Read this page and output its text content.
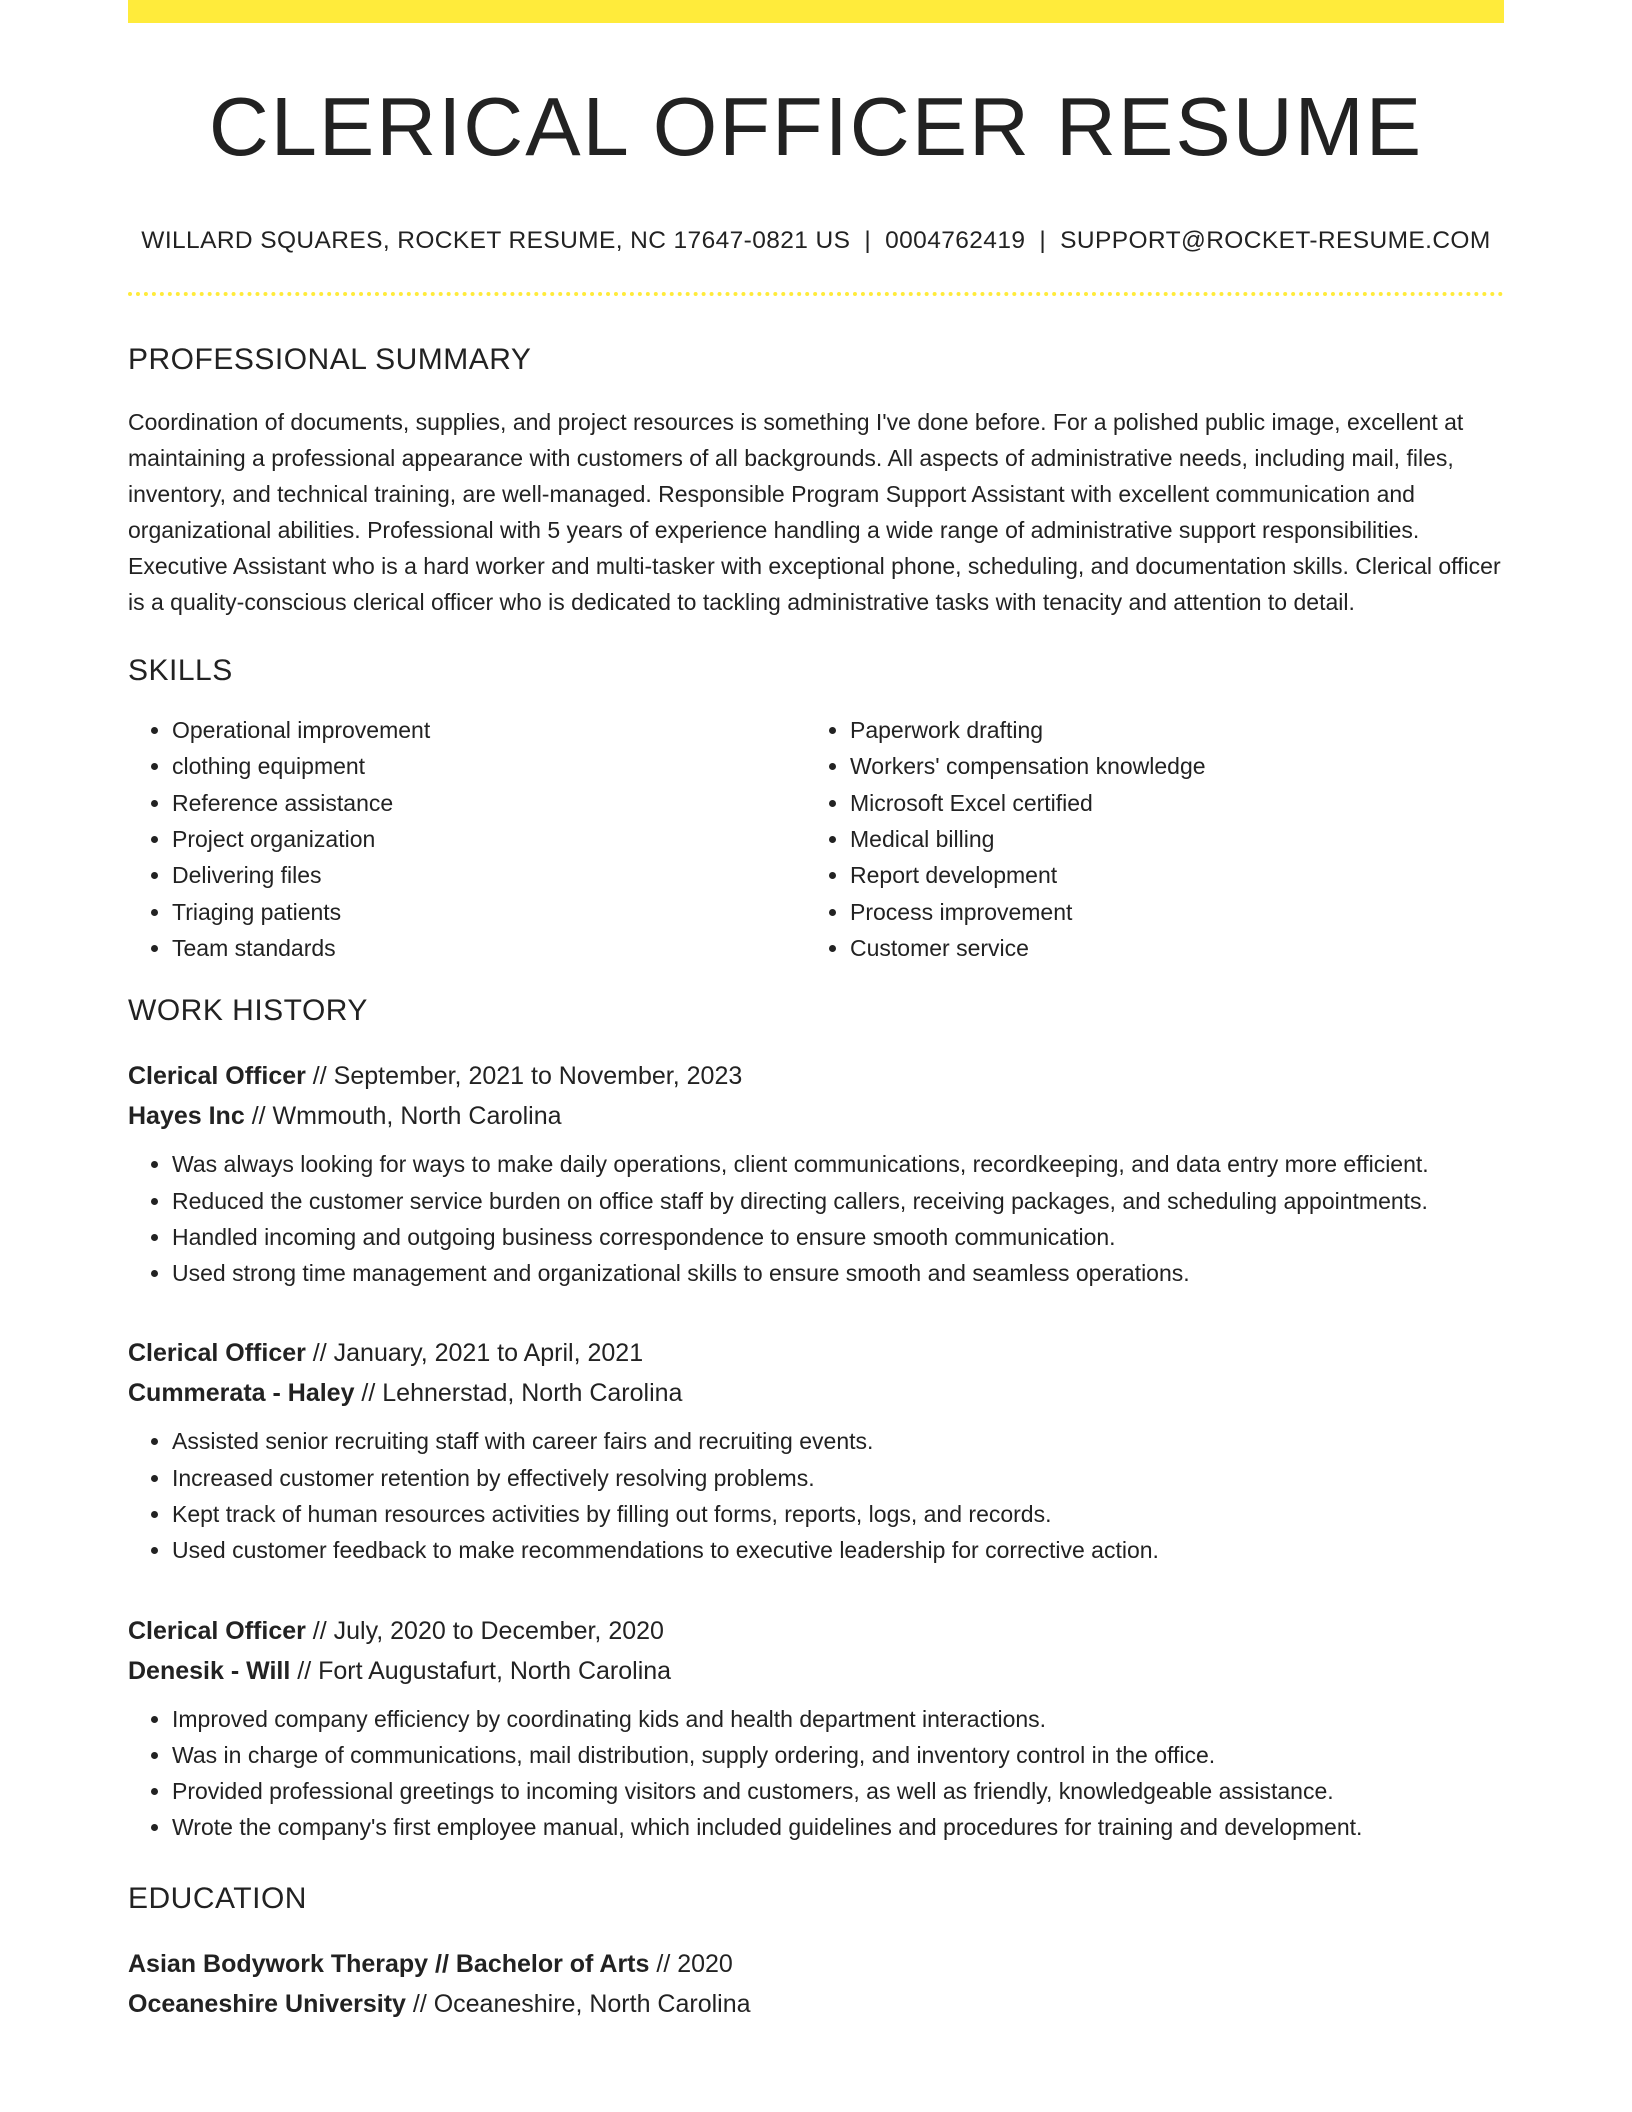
CLERICAL OFFICER RESUME
WILLARD SQUARES, ROCKET RESUME, NC 17647-0821 US | 0004762419 | SUPPORT@ROCKET-RESUME.COM
PROFESSIONAL SUMMARY

Coordination of documents, supplies, and project resources is something I've done before. For a polished public image, excellent at maintaining a professional appearance with customers of all backgrounds. All aspects of administrative needs, including mail, files, inventory, and technical training, are well-managed. Responsible Program Support Assistant with excellent communication and organizational abilities. Professional with 5 years of experience handling a wide range of administrative support responsibilities. Executive Assistant who is a hard worker and multi-tasker with exceptional phone, scheduling, and documentation skills. Clerical officer is a quality-conscious clerical officer who is dedicated to tackling administrative tasks with tenacity and attention to detail.

SKILLS
• Operational improvement
• clothing equipment
• Reference assistance
• Project organization
• Delivering files
• Triaging patients
• Team standards
• Paperwork drafting
• Workers' compensation knowledge
• Microsoft Excel certified
• Medical billing
• Report development
• Process improvement
• Customer service
WORK HISTORY
Clerical Officer // September, 2021 to November, 2023
Hayes Inc // Wmmouth, North Carolina
• Was always looking for ways to make daily operations, client communications, recordkeeping, and data entry more efficient.
• Reduced the customer service burden on office staff by directing callers, receiving packages, and scheduling appointments.
• Handled incoming and outgoing business correspondence to ensure smooth communication.
• Used strong time management and organizational skills to ensure smooth and seamless operations.
Clerical Officer // January, 2021 to April, 2021
Cummerata - Haley // Lehnerstad, North Carolina
• Assisted senior recruiting staff with career fairs and recruiting events.
• Increased customer retention by effectively resolving problems.
• Kept track of human resources activities by filling out forms, reports, logs, and records.
• Used customer feedback to make recommendations to executive leadership for corrective action.
Clerical Officer // July, 2020 to December, 2020
Denesik - Will // Fort Augustafurt, North Carolina
• Improved company efficiency by coordinating kids and health department interactions.
• Was in charge of communications, mail distribution, supply ordering, and inventory control in the office.
• Provided professional greetings to incoming visitors and customers, as well as friendly, knowledgeable assistance.
• Wrote the company's first employee manual, which included guidelines and procedures for training and development.
EDUCATION
Asian Bodywork Therapy // Bachelor of Arts // 2020
Oceaneshire University // Oceaneshire, North Carolina
